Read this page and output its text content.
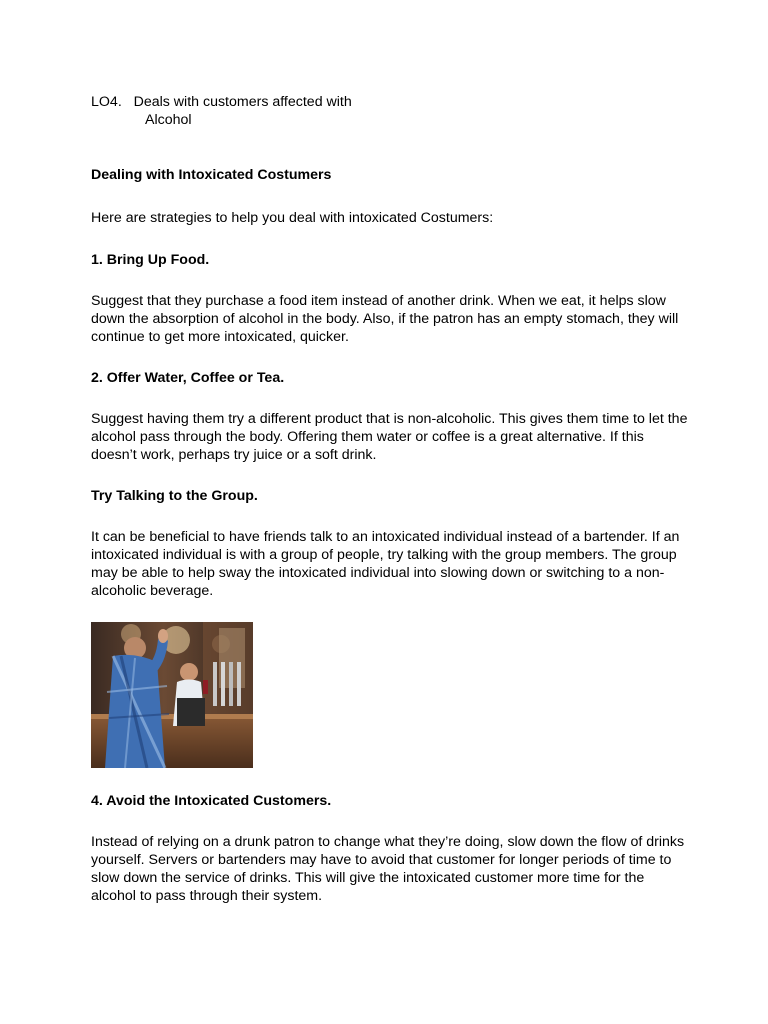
LO4. Deals with customers affected with
Alcohol
Dealing with Intoxicated Costumers
Here are strategies to help you deal with intoxicated Costumers:
1. Bring Up Food.
Suggest that they purchase a food item instead of another drink. When we eat, it helps slow down the absorption of alcohol in the body. Also, if the patron has an empty stomach, they will continue to get more intoxicated, quicker.
2. Offer Water, Coffee or Tea.
Suggest having them try a different product that is non-alcoholic. This gives them time to let the alcohol pass through the body. Offering them water or coffee is a great alternative. If this doesn’t work, perhaps try juice or a soft drink.
Try Talking to the Group.
It can be beneficial to have friends talk to an intoxicated individual instead of a bartender. If an intoxicated individual is with a group of people, try talking with the group members. The group may be able to help sway the intoxicated individual into slowing down or switching to a non-alcoholic beverage.
4. Avoid the Intoxicated Customers.
Instead of relying on a drunk patron to change what they’re doing, slow down the flow of drinks yourself. Servers or bartenders may have to avoid that customer for longer periods of time to slow down the service of drinks. This will give the intoxicated customer more time for the alcohol to pass through their system.
